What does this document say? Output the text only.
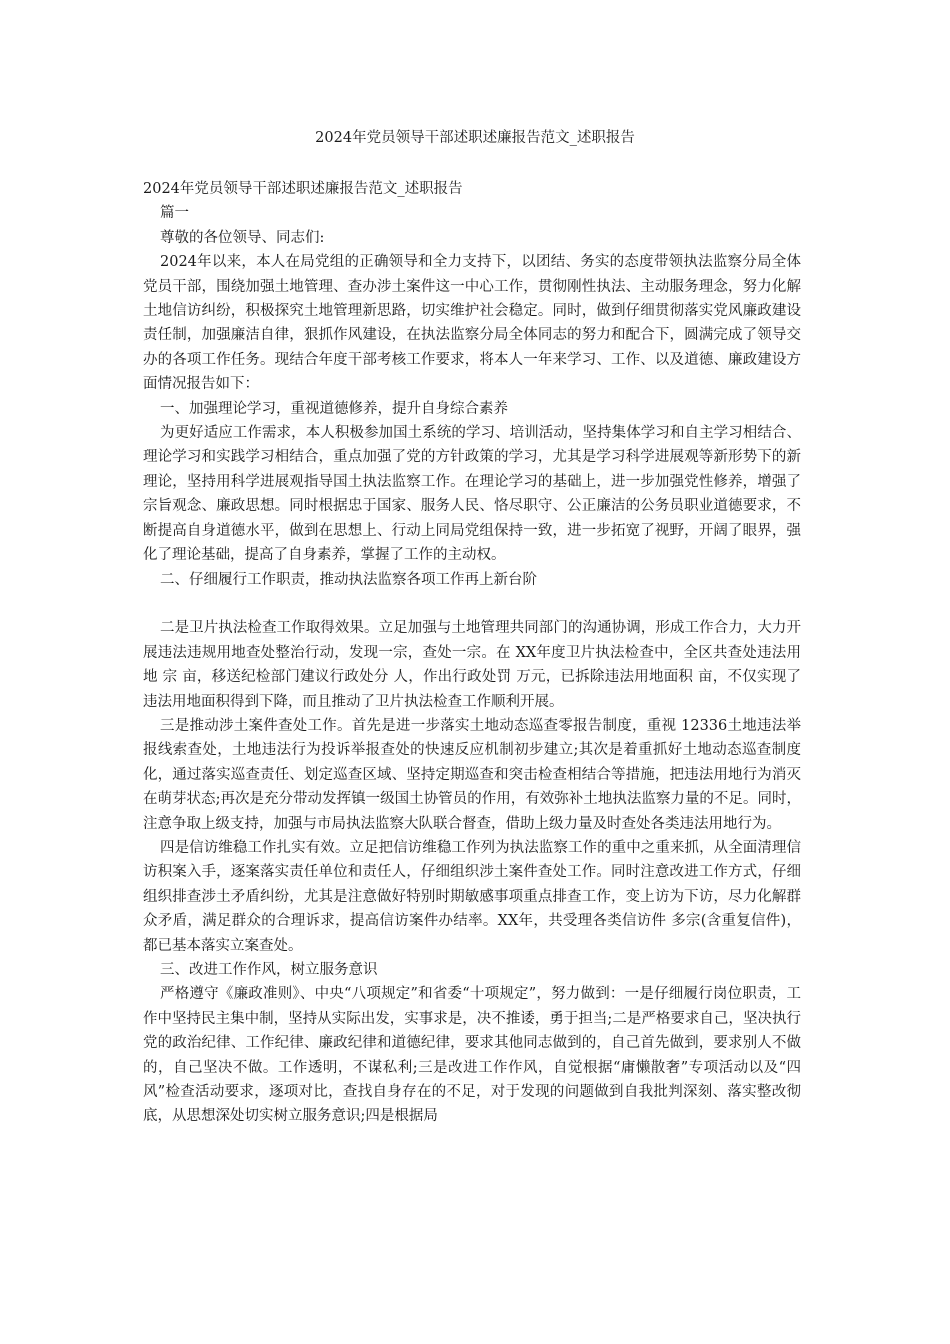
2024年党员领导干部述职述廉报告范文_述职报告

2024年党员领导干部述职述廉报告范文_述职报告

篇一

尊敬的各位领导、同志们:

2024年以来，本人在局党组的正确领导和全力支持下，以团结、务实的态度带领执法监察分局全体党员干部，围绕加强土地管理、查办涉土案件这一中心工作，贯彻刚性执法、主动服务理念，努力化解土地信访纠纷，积极探究土地管理新思路，切实维护社会稳定。同时，做到仔细贯彻落实党风廉政建设责任制，加强廉洁自律，狠抓作风建设，在执法监察分局全体同志的努力和配合下，圆满完成了领导交办的各项工作任务。现结合年度干部考核工作要求，将本人一年来学习、工作、以及道德、廉政建设方面情况报告如下：

一、加强理论学习，重视道德修养，提升自身综合素养

为更好适应工作需求，本人积极参加国土系统的学习、培训活动，坚持集体学习和自主学习相结合、理论学习和实践学习相结合，重点加强了党的方针政策的学习，尤其是学习科学进展观等新形势下的新理论，坚持用科学进展观指导国土执法监察工作。在理论学习的基础上，进一步加强党性修养，增强了宗旨观念、廉政思想。同时根据忠于国家、服务人民、恪尽职守、公正廉洁的公务员职业道德要求，不断提高自身道德水平，做到在思想上、行动上同局党组保持一致，进一步拓宽了视野，开阔了眼界，强化了理论基础，提高了自身素养，掌握了工作的主动权。

二、仔细履行工作职责，推动执法监察各项工作再上新台阶

二是卫片执法检查工作取得效果。立足加强与土地管理共同部门的沟通协调，形成工作合力，大力开展违法违规用地查处整治行动，发现一宗，查处一宗。在 XX年度卫片执法检查中，全区共查处违法用地 宗 亩，移送纪检部门建议行政处分 人，作出行政处罚 万元，已拆除违法用地面积 亩，不仅实现了违法用地面积得到下降，而且推动了卫片执法检查工作顺利开展。

三是推动涉土案件查处工作。首先是进一步落实土地动态巡查零报告制度，重视 12336土地违法举报线索查处，土地违法行为投诉举报查处的快速反应机制初步建立;其次是着重抓好土地动态巡查制度化，通过落实巡查责任、划定巡查区域、坚持定期巡查和突击检查相结合等措施，把违法用地行为消灭在萌芽状态;再次是充分带动发挥镇一级国土协管员的作用，有效弥补土地执法监察力量的不足。同时，注意争取上级支持，加强与市局执法监察大队联合督查，借助上级力量及时查处各类违法用地行为。

四是信访维稳工作扎实有效。立足把信访维稳工作列为执法监察工作的重中之重来抓，从全面清理信访积案入手，逐案落实责任单位和责任人，仔细组织涉土案件查处工作。同时注意改进工作方式，仔细组织排查涉土矛盾纠纷，尤其是注意做好特别时期敏感事项重点排查工作，变上访为下访，尽力化解群众矛盾，满足群众的合理诉求，提高信访案件办结率。XX年，共受理各类信访件 多宗(含重复信件)，都已基本落实立案查处。

三、改进工作作风，树立服务意识

严格遵守《廉政准则》、中央“八项规定”和省委“十项规定”，努力做到：一是仔细履行岗位职责，工作中坚持民主集中制，坚持从实际出发，实事求是，决不推诿，勇于担当;二是严格要求自己，坚决执行党的政治纪律、工作纪律、廉政纪律和道德纪律，要求其他同志做到的，自己首先做到，要求别人不做的，自己坚决不做。工作透明，不谋私利;三是改进工作作风，自觉根据“庸懒散奢”专项活动以及“四风”检查活动要求，逐项对比，查找自身存在的不足，对于发现的问题做到自我批判深刻、落实整改彻底，从思想深处切实树立服务意识;四是根据局
